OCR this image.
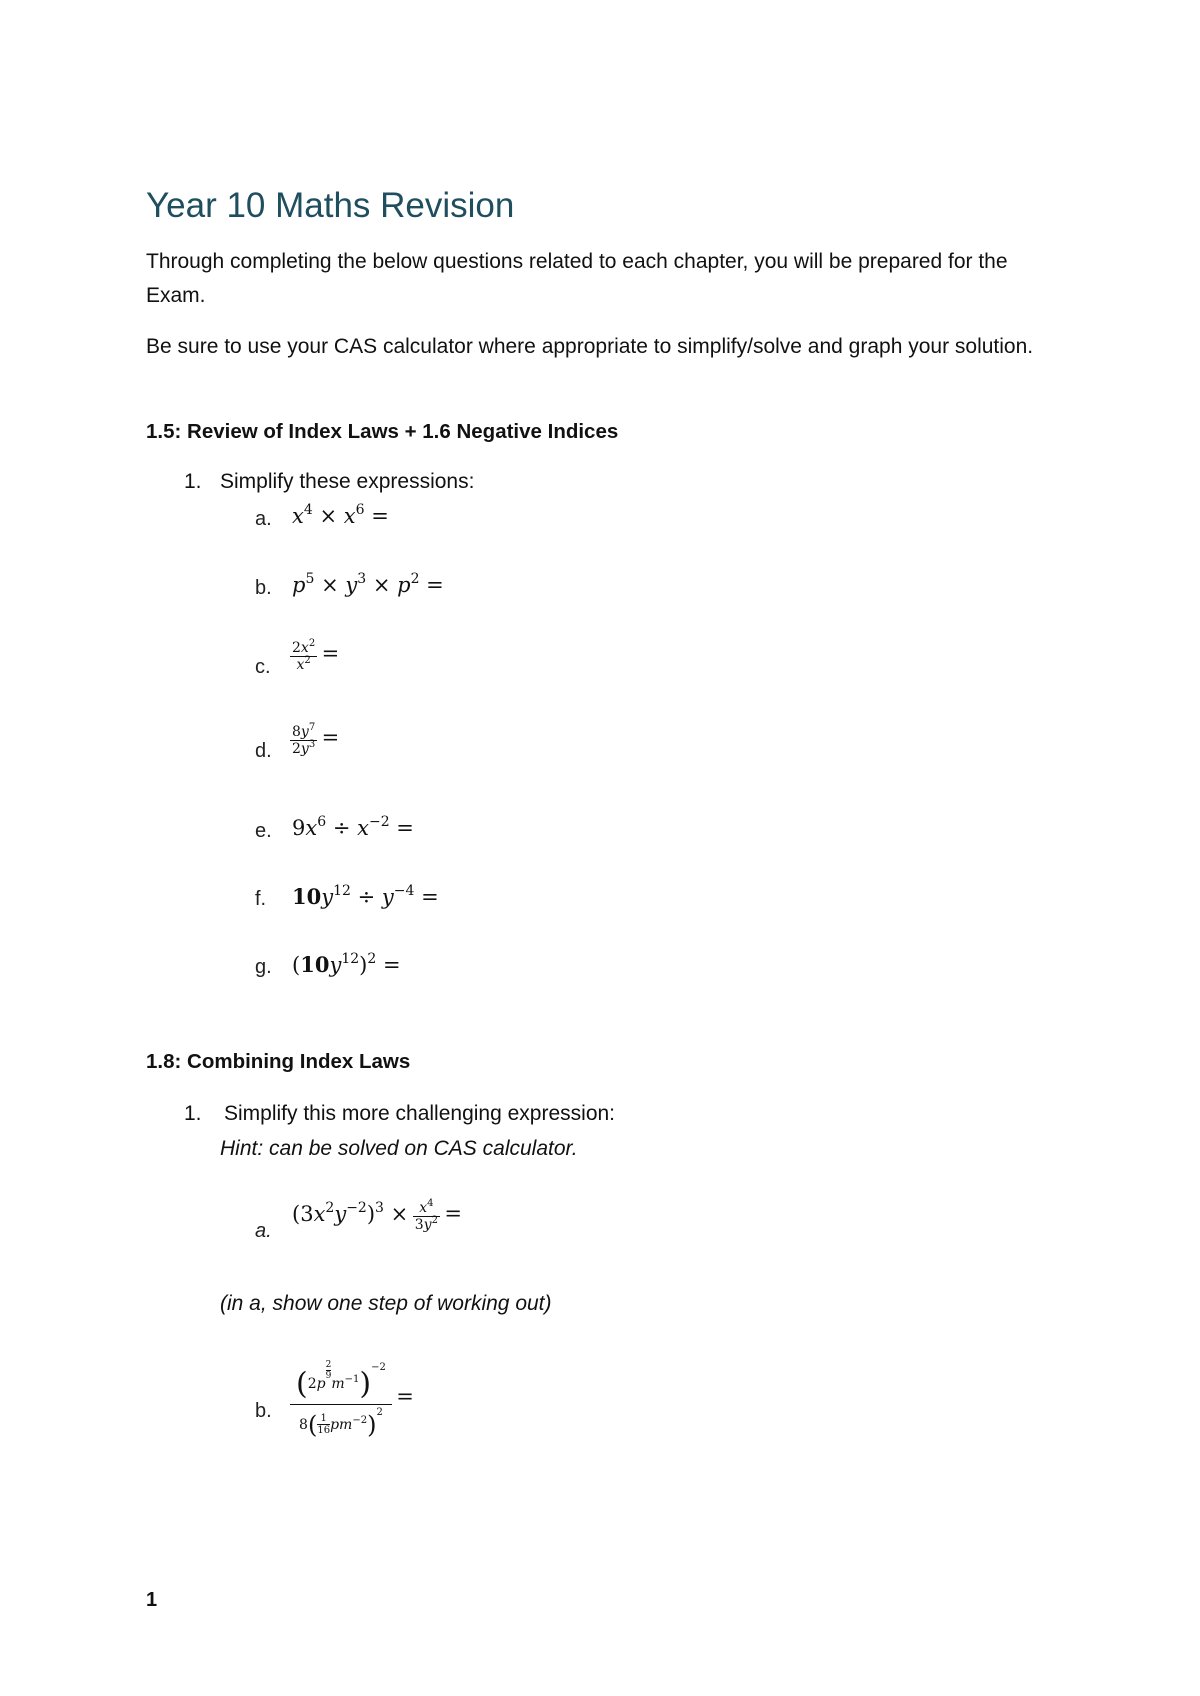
Year 10 Maths Revision
Through completing the below questions related to each chapter, you will be prepared for the Exam.
Be sure to use your CAS calculator where appropriate to simplify/solve and graph your solution.
1.5: Review of Index Laws + 1.6 Negative Indices
1. Simplify these expressions:
a. $x^4 \times x^6$ =
b. $p^5 \times y^3 \times p^2$ =
c. $\frac{2x^2}{x^2}$ =
d. $\frac{8y^7}{2y^3}$ =
e. $9x^6 \div x^{-2}$ =
f. $10y^{12} \div y^{-4}$ =
g. $(10y^{12})^2$ =
1.8: Combining Index Laws
1. Simplify this more challenging expression:
Hint: can be solved on CAS calculator.
a.
$(3x^2y^{-2})^3 \times \frac{x^4}{3y^2}$ =
(in a, show one step of working out)
b. (2p
$^{\frac{2}{9}}$
$m^{-1})^{-2}$
$8( \frac{1}{16} pm^{-2})^2$ =
1
